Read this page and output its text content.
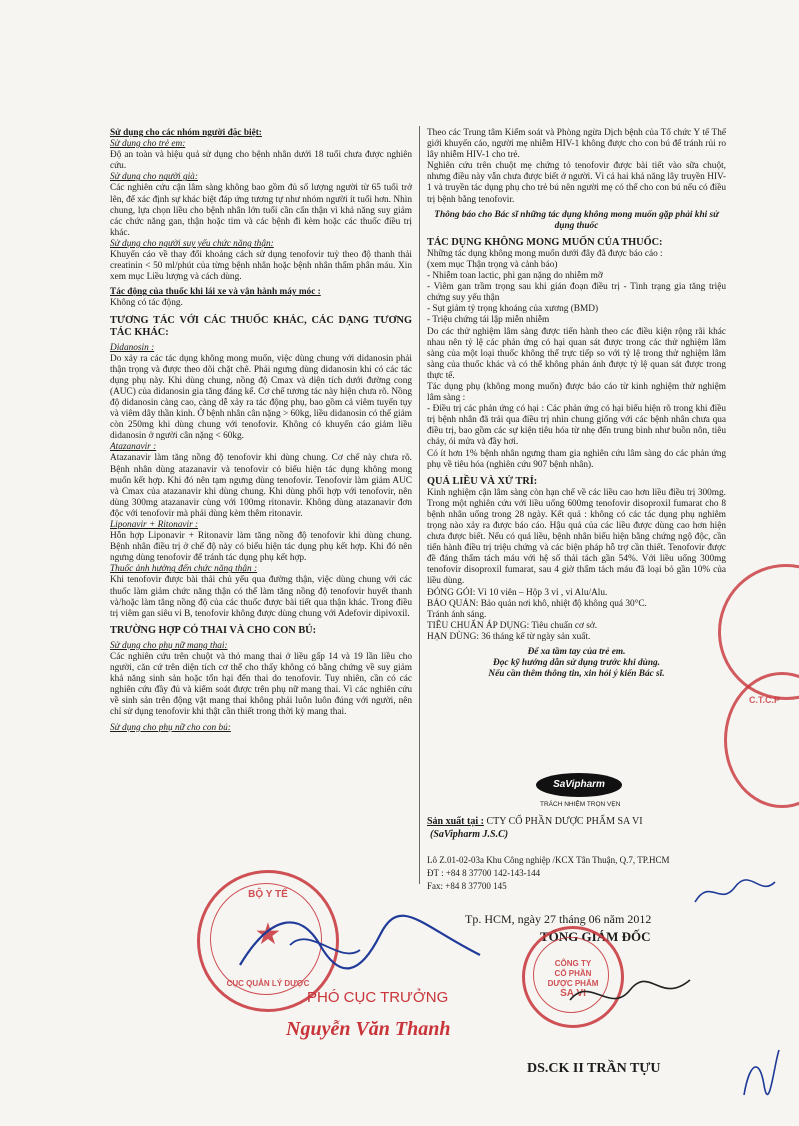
Sử dụng cho các nhóm người đặc biệt:

Sử dụng cho trẻ em:

Độ an toàn và hiệu quả sử dụng cho bệnh nhân dưới 18 tuổi chưa được nghiên cứu.

Sử dụng cho người già:

Các nghiên cứu cận lâm sàng không bao gồm đủ số lượng người từ 65 tuổi trở lên, để xác định sự khác biệt đáp ứng tương tự như nhóm người ít tuổi hơn. Nhìn chung, lựa chọn liều cho bệnh nhân lớn tuổi cần cẩn thận vì khả năng suy giảm các chức năng gan, thận hoặc tim và các bệnh đi kèm hoặc các thuốc điều trị khác.

Sử dụng cho người suy yếu chức năng thận:

Khuyến cáo về thay đổi khoảng cách sử dụng tenofovir tuỳ theo độ thanh thải creatinin < 50 ml/phút của từng bệnh nhân hoặc bệnh nhân thẩm phân máu. Xin xem mục Liều lượng và cách dùng.

Tác động của thuốc khi lái xe và vận hành máy móc :

Không có tác động.

TƯƠNG TÁC VỚI CÁC THUỐC KHÁC, CÁC DẠNG TƯƠNG TÁC KHÁC:

Didanosin :

Do xảy ra các tác dụng không mong muốn, việc dùng chung với didanosin phải thận trọng và được theo dõi chặt chẽ. Phải ngưng dùng didanosin khi có các tác dụng phụ này. Khi dùng chung, nồng độ Cmax và diện tích dưới đường cong (AUC) của didanosin gia tăng đáng kể. Cơ chế tương tác này hiện chưa rõ. Nồng độ didanosin càng cao, càng dễ xảy ra tác động phụ, bao gồm cả viêm tuyến tụy và viêm dây thần kinh. Ở bệnh nhân cân nặng > 60kg, liều didanosin có thể giảm còn 250mg khi dùng chung với tenofovir. Không có khuyến cáo giảm liều didanosin ở người cân nặng < 60kg.

Atazanavir :

Atazanavir làm tăng nồng độ tenofovir khi dùng chung. Cơ chế này chưa rõ. Bệnh nhân dùng atazanavir và tenofovir có biểu hiện tác dụng không mong muốn kết hợp. Khi đó nên tạm ngưng dùng tenofovir. Tenofovir làm giảm AUC và Cmax của atazanavir khi dùng chung. Khi dùng phối hợp với tenofovir, nên dùng 300mg atazanavir cùng với 100mg ritonavir. Không dùng atazanavir đơn độc với tenofovir mà phải dùng kèm thêm ritonavir.

Liponavir + Ritonavir :

Hỗn hợp Liponavir + Ritonavir làm tăng nồng độ tenofovir khi dùng chung. Bệnh nhân điều trị ở chế độ này có biểu hiện tác dụng phụ kết hợp. Khi đó nên ngưng dùng tenofovir để tránh tác dụng phụ kết hợp.

Thuốc ảnh hưởng đến chức năng thận :

Khi tenofovir được bài thải chủ yếu qua đường thận, việc dùng chung với các thuốc làm giảm chức năng thận có thể làm tăng nồng độ tenofovir huyết thanh và/hoặc làm tăng nồng độ của các thuốc được bài tiết qua thận khác. Trong điều trị viêm gan siêu vi B, tenofovir không được dùng chung với Adefovir dipivoxil.

TRƯỜNG HỢP CÓ THAI VÀ CHO CON BÚ:

Sử dụng cho phụ nữ mang thai:

Các nghiên cứu trên chuột và thỏ mang thai ở liều gấp 14 và 19 lần liều cho người, căn cứ trên diện tích cơ thể cho thấy không có bằng chứng về suy giảm khả năng sinh sản hoặc tổn hại đến thai do tenofovir. Tuy nhiên, cần có các nghiên cứu đầy đủ và kiểm soát được trên phụ nữ mang thai. Vì các nghiên cứu về sinh sản trên động vật mang thai không phải luôn luôn đúng với người, nên chỉ sử dụng tenofovir khi thật cần thiết trong thời kỳ mang thai.

Sử dụng cho phụ nữ cho con bú:

Theo các Trung tâm Kiểm soát và Phòng ngừa Dịch bệnh của Tổ chức Y tế Thế giới khuyến cáo, người mẹ nhiễm HIV-1 không được cho con bú để tránh rủi ro lây nhiễm HIV-1 cho trẻ.

Nghiên cứu trên chuột mẹ chứng tỏ tenofovir được bài tiết vào sữa chuột, nhưng điều này vẫn chưa được biết ở người. Vì cả hai khả năng lây truyền HIV-1 và truyền tác dụng phụ cho trẻ bú nên người mẹ có thể cho con bú nếu có điều trị bệnh bằng tenofovir.

Thông báo cho Bác sĩ những tác dụng không mong muốn gặp phải khi sử dụng thuốc

TÁC DỤNG KHÔNG MONG MUỐN CỦA THUỐC:

Những tác dụng không mong muốn dưới đây đã được báo cáo :

(xem mục Thận trọng và cảnh báo)

- Nhiễm toan lactic, phì gan nặng do nhiễm mỡ

- Viêm gan trầm trọng sau khi gián đoạn điều trị - Tình trạng gia tăng triệu chứng suy yếu thận

- Sụt giảm tỷ trọng khoáng của xương (BMD)

- Triệu chứng tái lập miễn nhiễm

Do các thử nghiệm lâm sàng được tiến hành theo các điều kiện rộng rãi khác nhau nên tỷ lệ các phản ứng có hại quan sát được trong các thử nghiệm lâm sàng của một loại thuốc không thể trực tiếp so với tỷ lệ trong thử nghiệm lâm sàng của thuốc khác và có thể không phản ánh được tỷ lệ quan sát được trong thực tế.

Tác dụng phụ (không mong muốn) được báo cáo từ kinh nghiệm thử nghiệm lâm sàng :

- Điều trị các phản ứng có hại : Các phản ứng có hại biểu hiện rõ trong khi điều trị bệnh nhân đã trải qua điều trị nhìn chung giống với các bệnh nhân chưa qua điều trị, bao gồm các sự kiện tiêu hóa từ nhẹ đến trung bình như buồn nôn, tiêu chảy, ói mửa và đầy hơi.

Có ít hơn 1% bệnh nhân ngưng tham gia nghiên cứu lâm sàng do các phản ứng phụ về tiêu hóa (nghiên cứu 907 bệnh nhân).

QUÁ LIỀU VÀ XỬ TRÍ:

Kinh nghiệm cận lâm sàng còn hạn chế về các liều cao hơn liều điều trị 300mg. Trong một nghiên cứu với liều uống 600mg tenofovir disoproxil fumarat cho 8 bệnh nhân uống trong 28 ngày. Kết quả : không có các tác dụng phụ nghiêm trọng nào xảy ra được báo cáo. Hậu quả của các liều được dùng cao hơn hiện chưa được biết. Nếu có quá liều, bệnh nhân biểu hiện bằng chứng ngộ độc, cần tiến hành điều trị triệu chứng và các biện pháp hỗ trợ cần thiết. Tenofovir được đề đáng thẩm tách máu với hệ số thải tách gần 54%. Với liều uống 300mg tenofovir disoproxil fumarat, sau 4 giờ thẩm tách máu đã loại bỏ gần 10% của liều dùng.

ĐÓNG GÓI: Vỉ 10 viên – Hộp 3 vỉ , vỉ Alu/Alu.

BẢO QUẢN: Bảo quản nơi khô, nhiệt độ không quá 30°C.

Tránh ánh sáng.

TIÊU CHUẨN ÁP DỤNG: Tiêu chuẩn cơ sở.

HẠN DÙNG: 36 tháng kể từ ngày sản xuất.

Để xa tầm tay của trẻ em.

Đọc kỹ hướng dẫn sử dụng trước khi dùng.

Nếu cần thêm thông tin, xin hỏi ý kiến Bác sĩ.

SaVipharm
TRÁCH NHIỆM TRỌN VẸN
Sản xuất tại : CTY CỔ PHẦN DƯỢC PHẨM SA VI
(SaVipharm J.S.C)
Lô Z.01-02-03a Khu Công nghiệp /KCX Tân Thuận, Q.7, TP.HCM
ĐT : +84 8 37700 142-143-144
Fax: +84 8 37700 145
Tp. HCM, ngày 27 tháng 06 năm 2012
TỔNG GIÁM ĐỐC
DS.CK II TRẦN TỰU
PHÓ CỤC TRƯỞNG
Nguyễn Văn Thanh
CÔNG TY
CỔ PHẦN
DƯỢC PHẨM
SA VI
BỘ Y TẾ
★
CỤC QUẢN LÝ DƯỢC
C.T.C.P
